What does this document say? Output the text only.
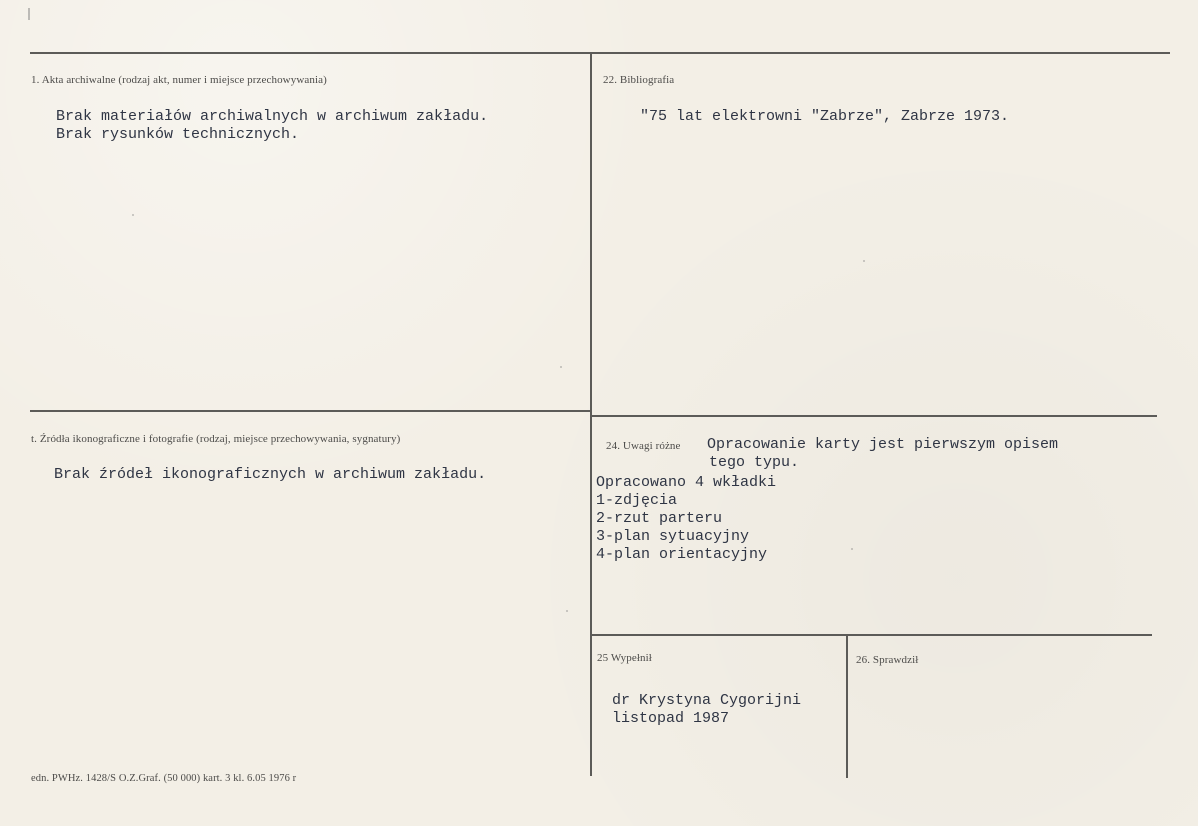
1. Akta archiwalne (rodzaj akt, numer i miejsce przechowywania)
Brak materiałów archiwalnych w archiwum zakładu.
Brak rysunków technicznych.
22. Bibliografia
"75 lat elektrowni "Zabrze", Zabrze 1973.
t. Źródła ikonograficzne i fotografie (rodzaj, miejsce przechowywania, sygnatury)
Brak źródeł ikonograficznych w archiwum zakładu.
24. Uwagi różne Opracowanie karty jest pierwszym opisem
tego typu.
Opracowano 4 wkładki
1-zdjęcia
2-rzut parteru
3-plan sytuacyjny
4-plan orientacyjny
25 Wypełnił
dr Krystyna Cygorijni
listopad 1987
26. Sprawdził
edn. PWHz. 1428/S O.Z.Graf. (50 000) kart. 3 kl. 6.05 1976 r
